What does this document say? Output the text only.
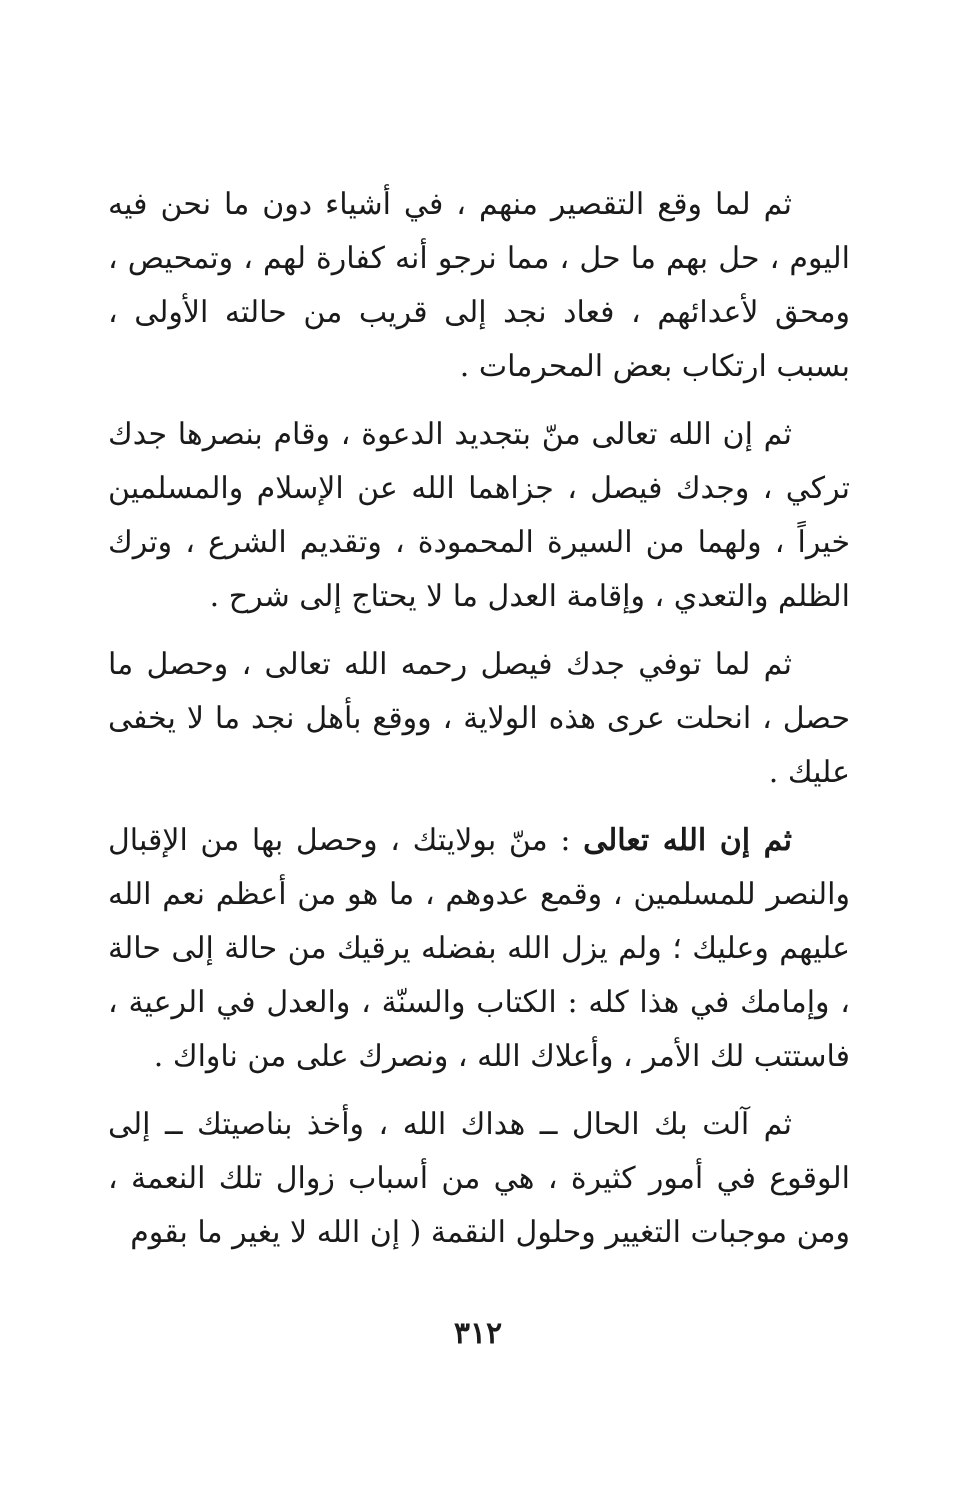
ثم لما وقع التقصير منهم ، في أشياء دون ما نحن فيه اليوم ، حل بهم ما حل ، مما نرجو أنه كفارة لهم ، وتمحيص ، ومحق لأعدائهم ، فعاد نجد إلى قريب من حالته الأولى ، بسبب ارتكاب بعض المحرمات .

ثم إن الله تعالى منّ بتجديد الدعوة ، وقام بنصرها جدك تركي ، وجدك فيصل ، جزاهما الله عن الإسلام والمسلمين خيراً ، ولهما من السيرة المحمودة ، وتقديم الشرع ، وترك الظلم والتعدي ، وإقامة العدل ما لا يحتاج إلى شرح .

ثم لما توفي جدك فيصل رحمه الله تعالى ، وحصل ما حصل ، انحلت عرى هذه الولاية ، ووقع بأهل نجد ما لا يخفى عليك .

ثم إن الله تعالى : منّ بولايتك ، وحصل بها من الإقبال والنصر للمسلمين ، وقمع عدوهم ، ما هو من أعظم نعم الله عليهم وعليك ؛ ولم يزل الله بفضله يرقيك من حالة إلى حالة ، وإمامك في هذا كله : الكتاب والسنّة ، والعدل في الرعية ، فاستتب لك الأمر ، وأعلاك الله ، ونصرك على من ناواك .

ثم آلت بك الحال ــ هداك الله ، وأخذ بناصيتك ــ إلى الوقوع في أمور كثيرة ، هي من أسباب زوال تلك النعمة ، ومن موجبات التغيير وحلول النقمة ( إن الله لا يغير ما بقوم

٣١٢
